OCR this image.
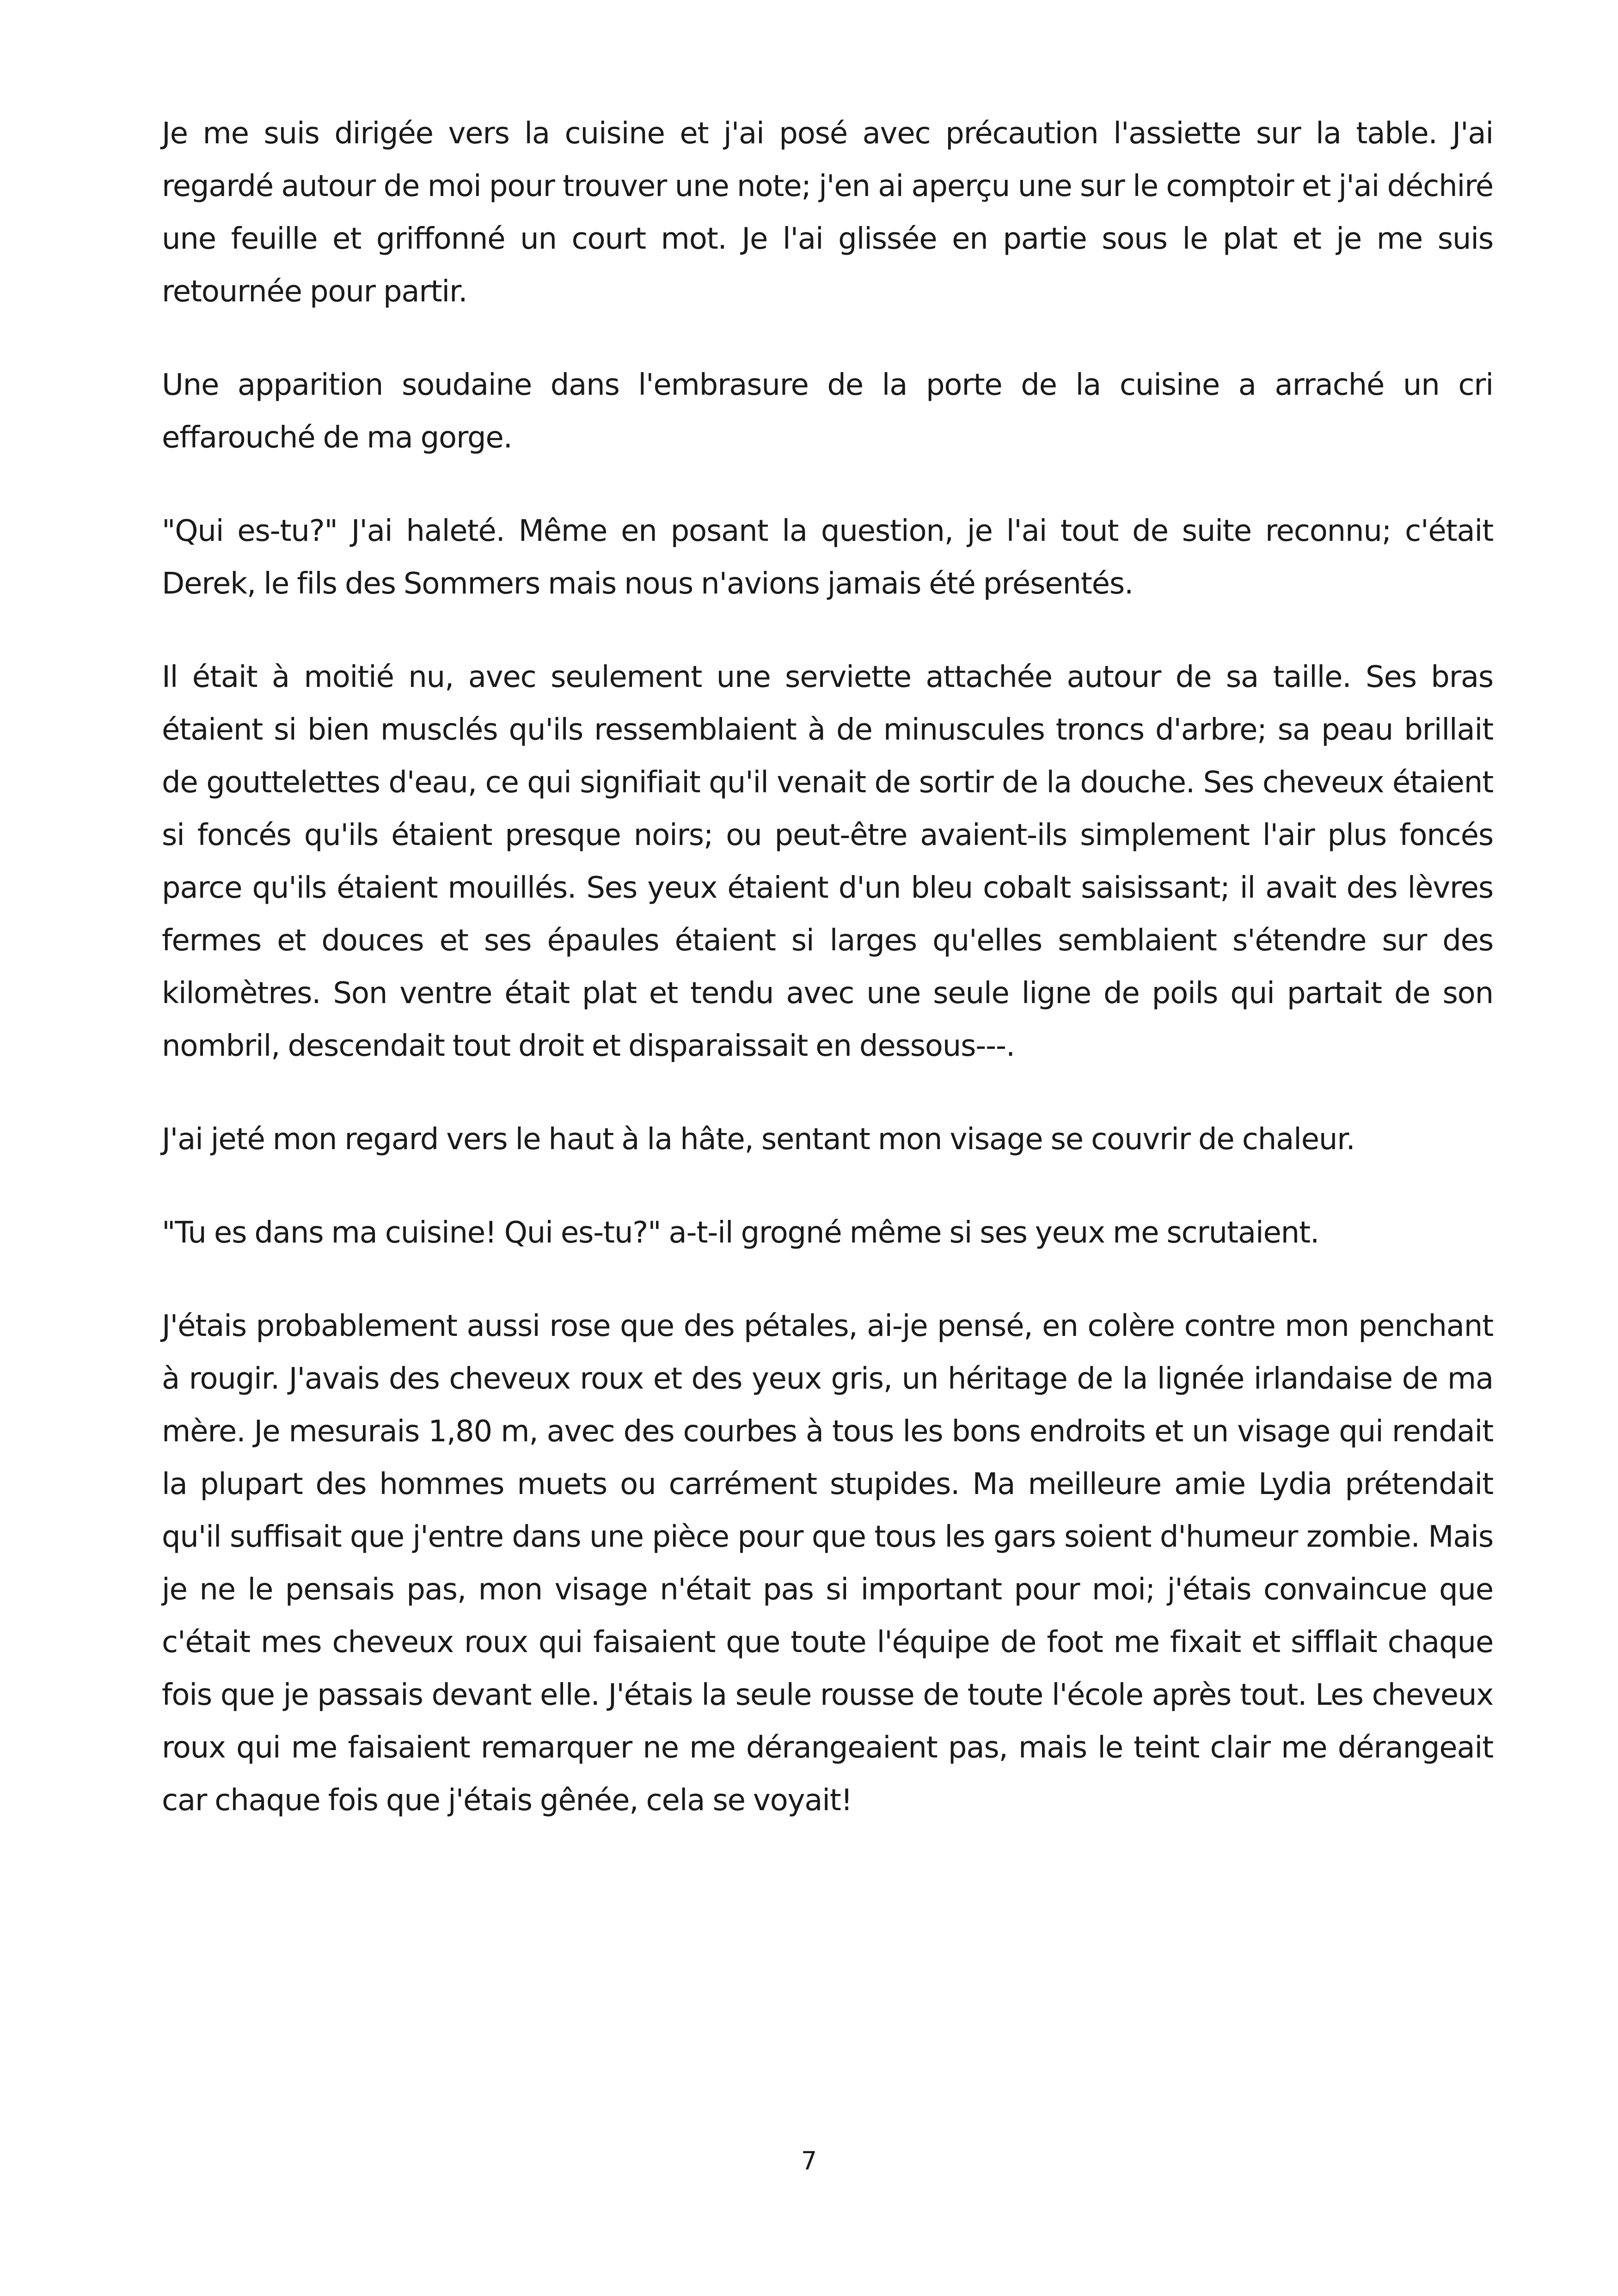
Je me suis dirigée vers la cuisine et j'ai posé avec précaution l'assiette sur la table. J'ai regardé autour de moi pour trouver une note; j'en ai aperçu une sur le comptoir et j'ai déchiré une feuille et griffonné un court mot. Je l'ai glissée en partie sous le plat et je me suis retournée pour partir.

Une apparition soudaine dans l'embrasure de la porte de la cuisine a arraché un cri effarouché de ma gorge.

"Qui es-tu?" J'ai haleté. Même en posant la question, je l'ai tout de suite reconnu; c'était Derek, le fils des Sommers mais nous n'avions jamais été présentés.

Il était à moitié nu, avec seulement une serviette attachée autour de sa taille. Ses bras étaient si bien musclés qu'ils ressemblaient à de minuscules troncs d'arbre; sa peau brillait de gouttelettes d'eau, ce qui signifiait qu'il venait de sortir de la douche. Ses cheveux étaient si foncés qu'ils étaient presque noirs; ou peut-être avaient-ils simplement l'air plus foncés parce qu'ils étaient mouillés. Ses yeux étaient d'un bleu cobalt saisissant; il avait des lèvres fermes et douces et ses épaules étaient si larges qu'elles semblaient s'étendre sur des kilomètres. Son ventre était plat et tendu avec une seule ligne de poils qui partait de son nombril, descendait tout droit et disparaissait en dessous---.

J'ai jeté mon regard vers le haut à la hâte, sentant mon visage se couvrir de chaleur.

"Tu es dans ma cuisine! Qui es-tu?" a-t-il grogné même si ses yeux me scrutaient.

J'étais probablement aussi rose que des pétales, ai-je pensé, en colère contre mon penchant à rougir. J'avais des cheveux roux et des yeux gris, un héritage de la lignée irlandaise de ma mère. Je mesurais 1,80 m, avec des courbes à tous les bons endroits et un visage qui rendait la plupart des hommes muets ou carrément stupides. Ma meilleure amie Lydia prétendait qu'il suffisait que j'entre dans une pièce pour que tous les gars soient d'humeur zombie. Mais je ne le pensais pas, mon visage n'était pas si important pour moi; j'étais convaincue que c'était mes cheveux roux qui faisaient que toute l'équipe de foot me fixait et sifflait chaque fois que je passais devant elle. J'étais la seule rousse de toute l'école après tout. Les cheveux roux qui me faisaient remarquer ne me dérangeaient pas, mais le teint clair me dérangeait car chaque fois que j'étais gênée, cela se voyait!

7
